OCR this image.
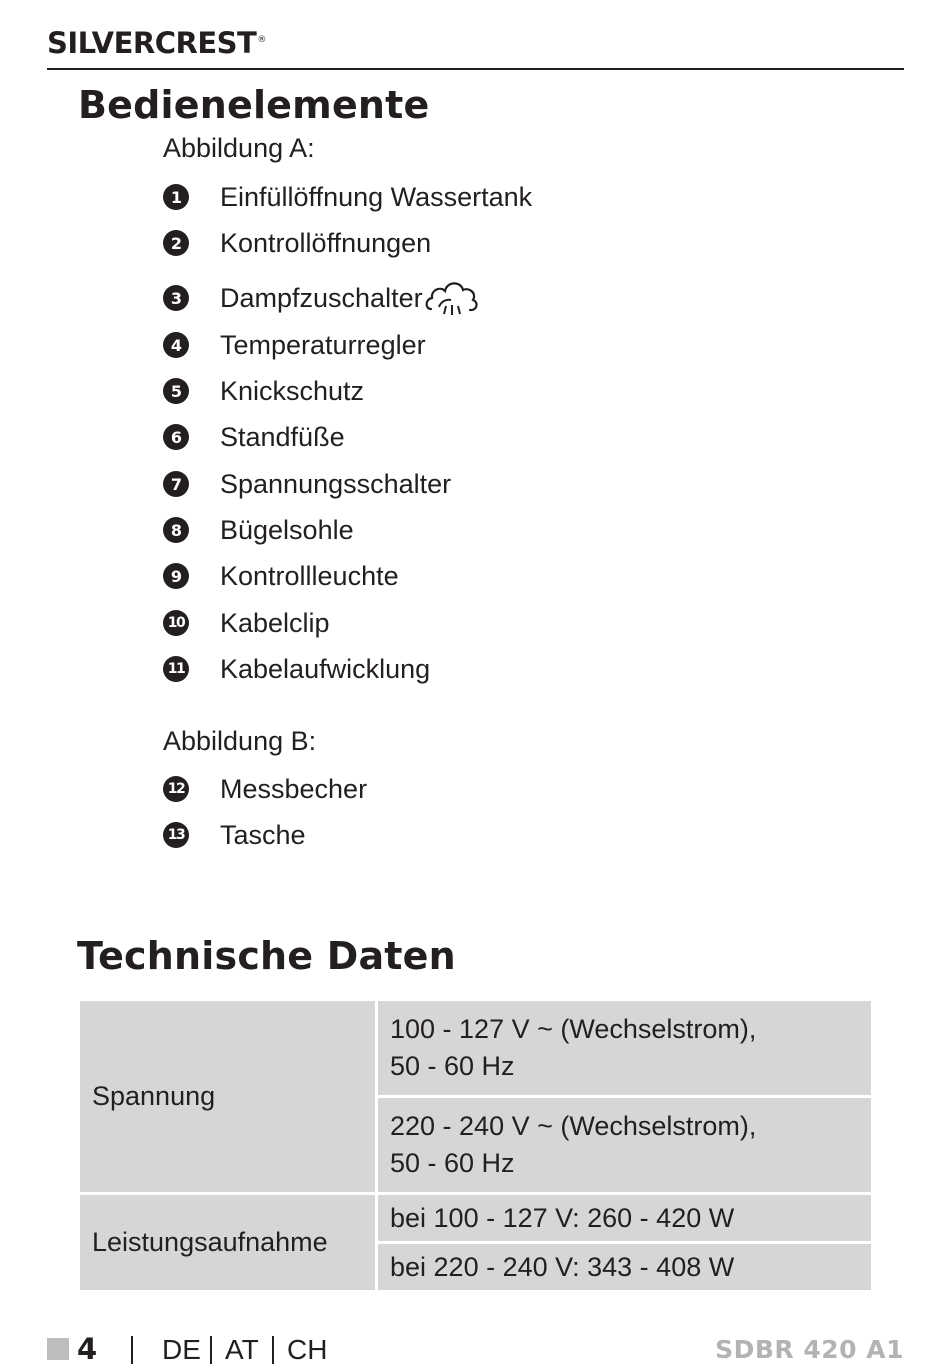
SILVERCREST®
Bedienelemente
Abbildung A:
1 Einfüllöffnung Wassertank
2 Kontrollöffnungen
3 Dampfzuschalter
4 Temperaturregler
5 Knickschutz
6 Standfüße
7 Spannungsschalter
8 Bügelsohle
9 Kontrollleuchte
10 Kabelclip
11 Kabelaufwicklung
Abbildung B:
12 Messbecher
13 Tasche
Technische Daten
Spannung	100 - 127 V ~ (Wechselstrom),
50 - 60 Hz

	220 - 240 V ~ (Wechselstrom),
50 - 60 Hz

Leistungsaufnahme	bei 100 - 127 V: 260 - 420 W
	bei 220 - 240 V: 343 - 408 W
4 DE AT CH	SDBR 420 A1
